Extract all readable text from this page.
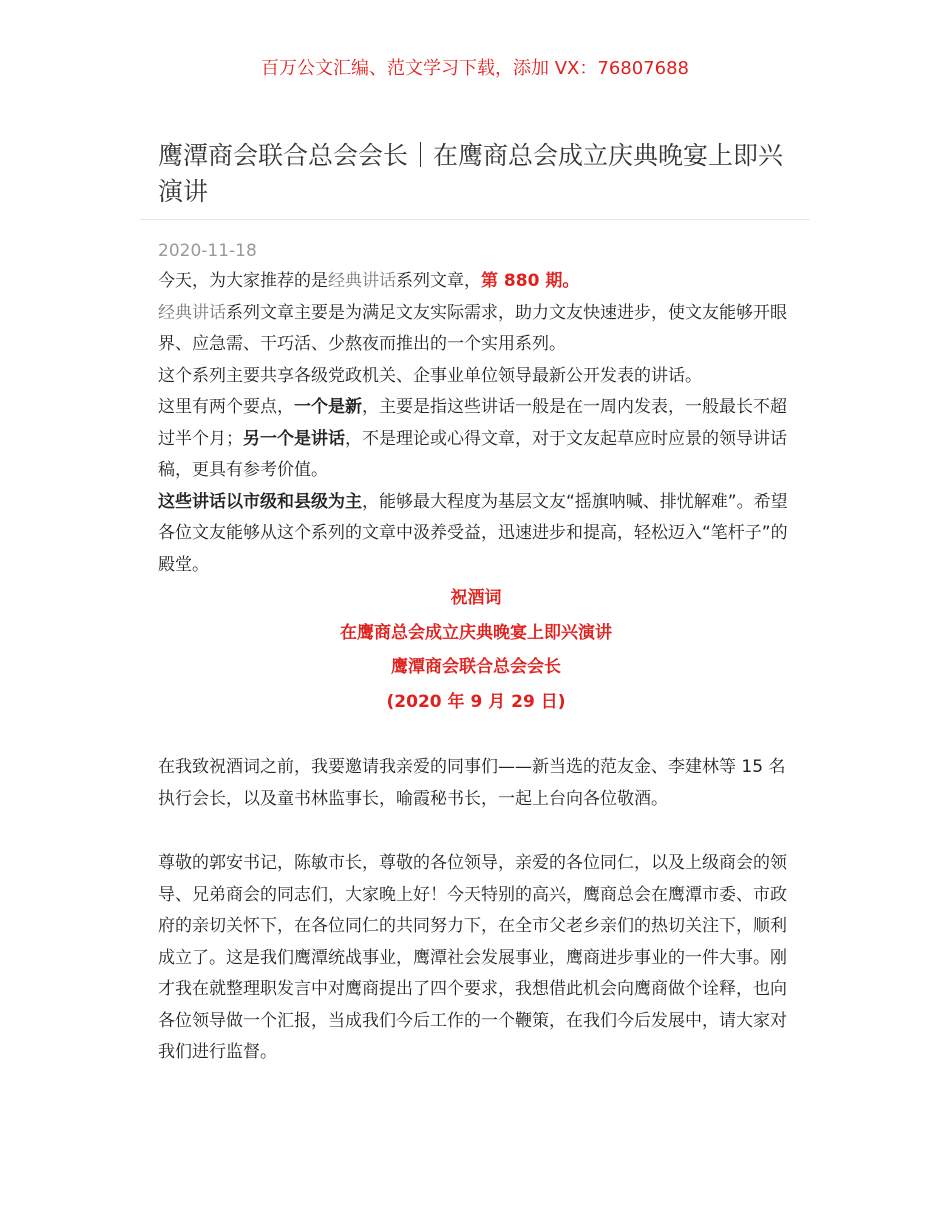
百万公文汇编、范文学习下载，添加 VX：76807688
鹰潭商会联合总会会长｜在鹰商总会成立庆典晚宴上即兴演讲
2020-11-18

今天，为大家推荐的是经典讲话系列文章，第 880 期。

经典讲话系列文章主要是为满足文友实际需求，助力文友快速进步，使文友能够开眼界、应急需、干巧活、少熬夜而推出的一个实用系列。

这个系列主要共享各级党政机关、企事业单位领导最新公开发表的讲话。

这里有两个要点，一个是新，主要是指这些讲话一般是在一周内发表，一般最长不超过半个月；另一个是讲话，不是理论或心得文章，对于文友起草应时应景的领导讲话稿，更具有参考价值。

这些讲话以市级和县级为主，能够最大程度为基层文友“摇旗呐喊、排忧解难”。希望各位文友能够从这个系列的文章中汲养受益，迅速进步和提高，轻松迈入“笔杆子”的殿堂。

祝酒词
在鹰商总会成立庆典晚宴上即兴演讲
鹰潭商会联合总会会长
(2020 年 9 月 29 日)

在我致祝酒词之前，我要邀请我亲爱的同事们——新当选的范友金、李建林等 15 名执行会长，以及童书林监事长，喻霞秘书长，一起上台向各位敬酒。

尊敬的郭安书记，陈敏市长，尊敬的各位领导，亲爱的各位同仁，以及上级商会的领导、兄弟商会的同志们，大家晚上好！今天特别的高兴，鹰商总会在鹰潭市委、市政府的亲切关怀下，在各位同仁的共同努力下，在全市父老乡亲们的热切关注下，顺利成立了。这是我们鹰潭统战事业，鹰潭社会发展事业，鹰商进步事业的一件大事。刚才我在就整理职发言中对鹰商提出了四个要求，我想借此机会向鹰商做个诠释，也向各位领导做一个汇报，当成我们今后工作的一个鞭策，在我们今后发展中，请大家对我们进行监督。
